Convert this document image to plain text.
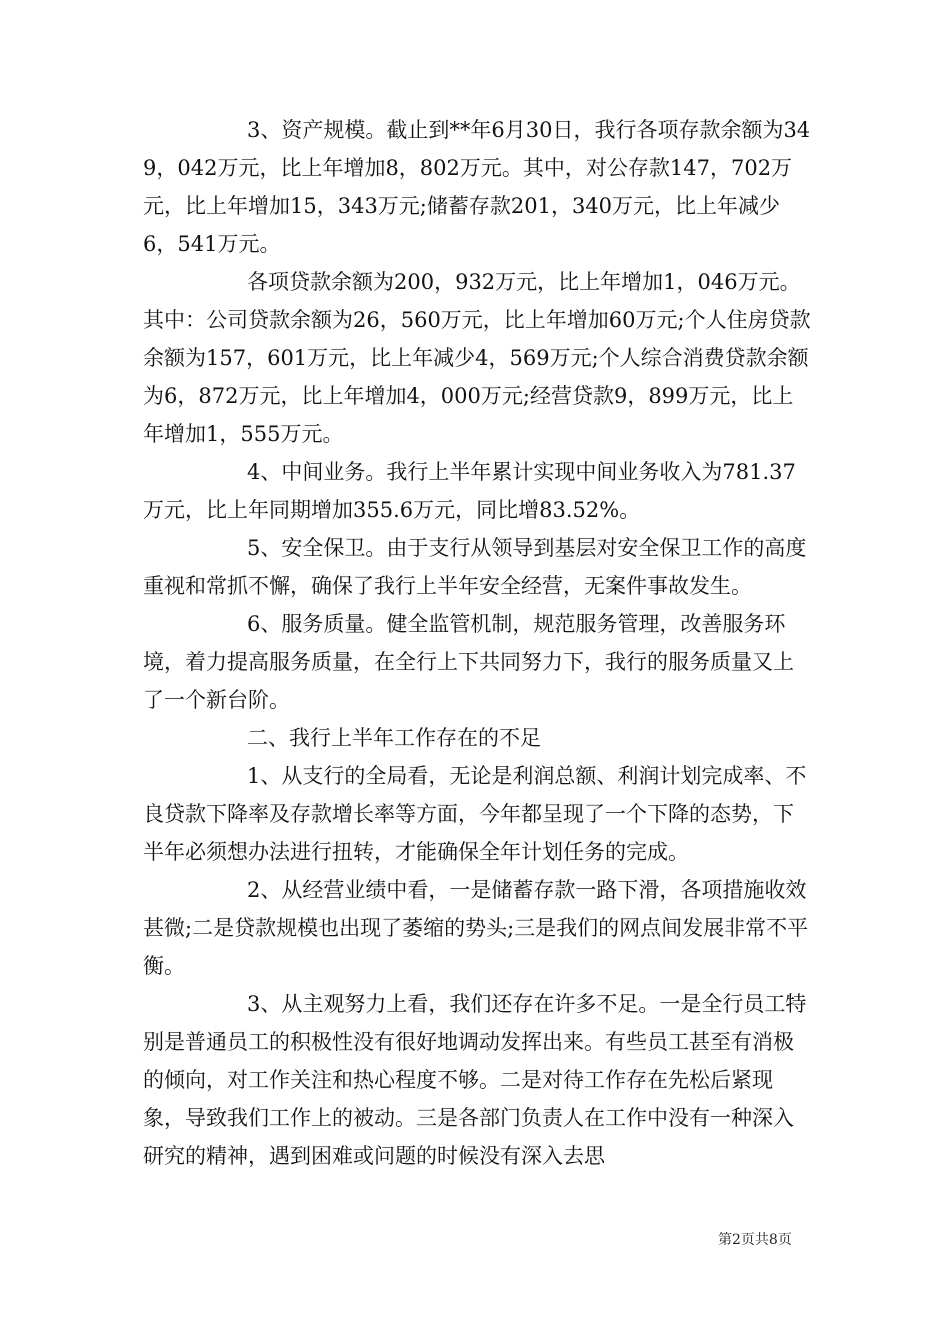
3、资产规模。截止到**年6月30日，我行各项存款余额为349，042万元，比上年增加8，802万元。其中，对公存款147，702万元，比上年增加15，343万元;储蓄存款201，340万元，比上年减少6，541万元。

各项贷款余额为200，932万元，比上年增加1，046万元。其中：公司贷款余额为26，560万元，比上年增加60万元;个人住房贷款余额为157，601万元，比上年减少4，569万元;个人综合消费贷款余额为6，872万元，比上年增加4，000万元;经营贷款9，899万元，比上年增加1，555万元。

4、中间业务。我行上半年累计实现中间业务收入为781.37万元，比上年同期增加355.6万元，同比增83.52%。

5、安全保卫。由于支行从领导到基层对安全保卫工作的高度重视和常抓不懈，确保了我行上半年安全经营，无案件事故发生。

6、服务质量。健全监管机制，规范服务管理，改善服务环境，着力提高服务质量，在全行上下共同努力下，我行的服务质量又上了一个新台阶。

二、我行上半年工作存在的不足

1、从支行的全局看，无论是利润总额、利润计划完成率、不良贷款下降率及存款增长率等方面，今年都呈现了一个下降的态势，下半年必须想办法进行扭转，才能确保全年计划任务的完成。

2、从经营业绩中看，一是储蓄存款一路下滑，各项措施收效甚微;二是贷款规模也出现了萎缩的势头;三是我们的网点间发展非常不平衡。

3、从主观努力上看，我们还存在许多不足。一是全行员工特别是普通员工的积极性没有很好地调动发挥出来。有些员工甚至有消极的倾向，对工作关注和热心程度不够。二是对待工作存在先松后紧现象，导致我们工作上的被动。三是各部门负责人在工作中没有一种深入研究的精神，遇到困难或问题的时候没有深入去思

第2页共8页
